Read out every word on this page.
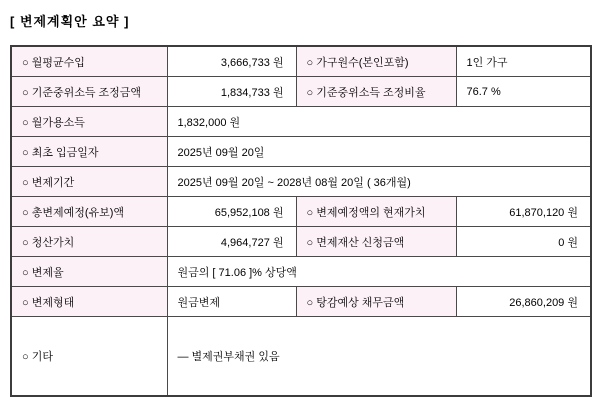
[ 변제계획안 요약 ]
○ 월평균수입	3,666,733 원	○ 가구원수(본인포함)	1인 가구
○ 기준중위소득 조정금액	1,834,733 원	○ 기준중위소득 조정비율	76.7 %
○ 월가용소득	1,832,000 원		
○ 최초 입금일자	2025년 09월 20일		
○ 변제기간	2025년 09월 20일 ~ 2028년 08월 20일 ( 36개월)		
○ 총변제예정(유보)액	65,952,108 원	○ 변제예정액의 현재가치	61,870,120 원
○ 청산가치	4,964,727 원	○ 면제재산 신청금액	0 원
○ 변제율	원금의 [ 71.06 ]% 상당액		
○ 변제형태	원금변제	○ 탕감예상 채무금액	26,860,209 원
○ 기타	— 별제권부채권 있음		
